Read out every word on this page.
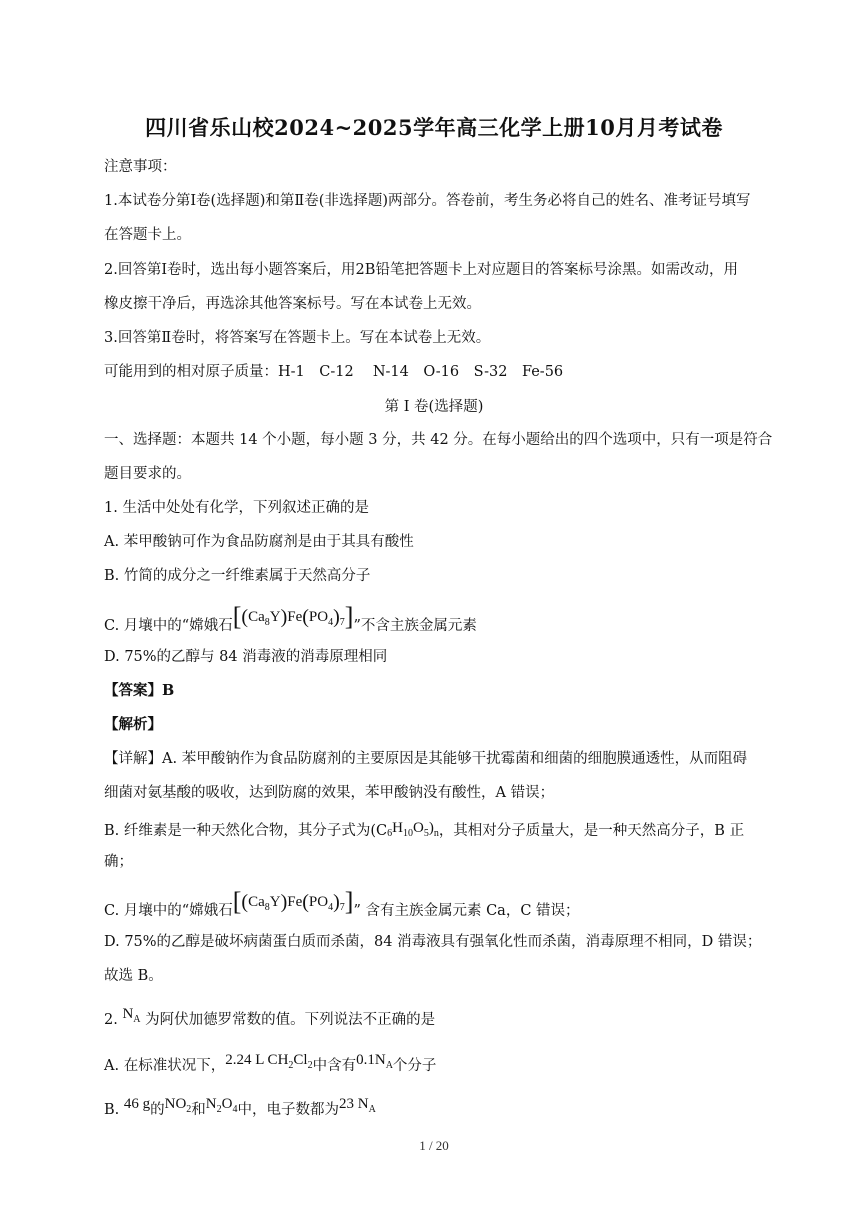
四川省乐山校2024~2025学年高三化学上册10月月考试卷
注意事项：
1.本试卷分第Ⅰ卷(选择题)和第Ⅱ卷(非选择题)两部分。答卷前，考生务必将自己的姓名、准考证号填写
在答题卡上。
2.回答第Ⅰ卷时，选出每小题答案后，用2B铅笔把答题卡上对应题目的答案标号涂黑。如需改动，用
橡皮擦干净后，再选涂其他答案标号。写在本试卷上无效。
3.回答第Ⅱ卷时，将答案写在答题卡上。写在本试卷上无效。
可能用到的相对原子质量：H-1　C-12　 N-14　O-16　S-32　Fe-56
第 I 卷(选择题)
一、选择题：本题共 14 个小题，每小题 3 分，共 42 分。在每小题给出的四个选项中，只有一项是符合
题目要求的。
1. 生活中处处有化学，下列叙述正确的是
A. 苯甲酸钠可作为食品防腐剂是由于其具有酸性
B. 竹简的成分之一纤维素属于天然高分子
C. 月壤中的“嫦娥石$[(Ca_8Y)Fe(PO_4)_7]$”不含主族金属元素
D. 75%的乙醇与 84 消毒液的消毒原理相同
【答案】B
【解析】
【详解】A. 苯甲酸钠作为食品防腐剂的主要原因是其能够干扰霉菌和细菌的细胞膜通透性，从而阻碍
细菌对氨基酸的吸收，达到防腐的效果，苯甲酸钠没有酸性，A 错误；
B. 纤维素是一种天然化合物，其分子式为$(C_6H_{10}O_5)_n$，其相对分子质量大，是一种天然高分子，B 正
确；
C. 月壤中的“嫦娥石$[(Ca_8Y)Fe(PO_4)_7]$” 含有主族金属元素 Ca，C 错误；
D. 75%的乙醇是破坏病菌蛋白质而杀菌，84 消毒液具有强氧化性而杀菌，消毒原理不相同，D 错误；
故选 B。
2. $N_A$ 为阿伏加德罗常数的值。下列说法不正确的是
A. 在标准状况下，2.24 L $CH_2Cl_2$中含有$0.1N_A$个分子
B. 46 g的$NO_2$和$N_2O_4$中，电子数都为23 $N_A$
1 / 20
